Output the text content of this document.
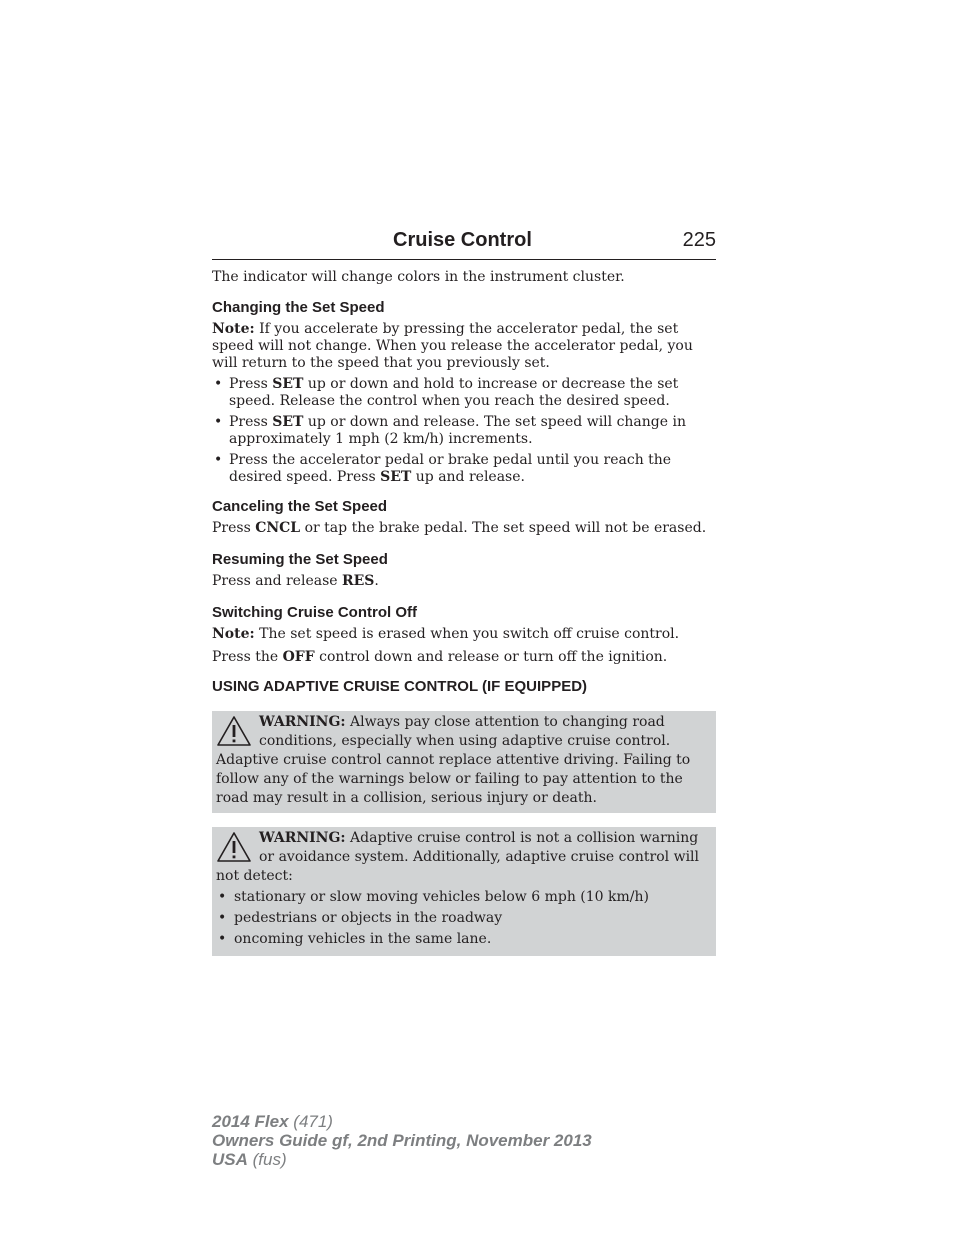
Cruise Control	225

The indicator will change colors in the instrument cluster.

Changing the Set Speed

Note: If you accelerate by pressing the accelerator pedal, the set speed will not change. When you release the accelerator pedal, you will return to the speed that you previously set.

• Press SET up or down and hold to increase or decrease the set speed. Release the control when you reach the desired speed.
• Press SET up or down and release. The set speed will change in approximately 1 mph (2 km/h) increments.
• Press the accelerator pedal or brake pedal until you reach the desired speed. Press SET up and release.
Canceling the Set Speed

Press CNCL or tap the brake pedal. The set speed will not be erased.

Resuming the Set Speed

Press and release RES.

Switching Cruise Control Off

Note: The set speed is erased when you switch off cruise control.

Press the OFF control down and release or turn off the ignition.

USING ADAPTIVE CRUISE CONTROL (IF EQUIPPED)
WARNING: Always pay close attention to changing road conditions, especially when using adaptive cruise control. Adaptive cruise control cannot replace attentive driving. Failing to follow any of the warnings below or failing to pay attention to the road may result in a collision, serious injury or death.
WARNING: Adaptive cruise control is not a collision warning or avoidance system. Additionally, adaptive cruise control will not detect:
• stationary or slow moving vehicles below 6 mph (10 km/h)
• pedestrians or objects in the roadway
• oncoming vehicles in the same lane.
2014 Flex (471)
Owners Guide gf, 2nd Printing, November 2013
USA (fus)
